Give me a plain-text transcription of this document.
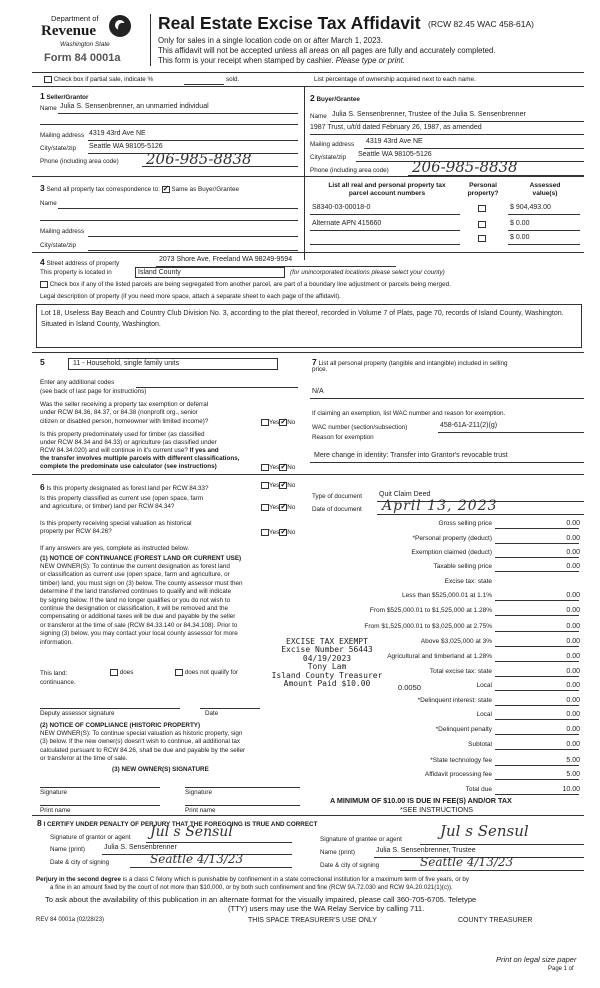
Department of
Revenue
Washington State
Form 84 0001a
Real Estate Excise Tax Affidavit (RCW 82.45 WAC 458-61A)
Only for sales in a single location code on or after March 1, 2023.
This affidavit will not be accepted unless all areas on all pages are fully and accurately completed.
This form is your receipt when stamped by cashier. Please type or print.
Check box if partial sale, indicate %	sold.	List percentage of ownership acquired next to each name.
1 Seller/Grantor
Name Julia S. Sensenbrenner, an unmarried individual
Mailing address 4319 43rd Ave NE
City/state/zip Seattle WA 98105-5126
Phone (including area code) 206-985-8838
2 Buyer/Grantee
Name Julia S. Sensenbrenner, Trustee of the Julia S. Sensenbrenner
1987 Trust, u/t/d dated February 26, 1987, as amended
Mailing address 4319 43rd Ave NE
City/state/zip Seattle WA 98105-5126
Phone (including area code) 206-985-8838
3 Send all property tax correspondence to: ✓ Same as Buyer/Grantee
Name
Mailing address
City/state/zip
List all real and personal property tax
parcel account numbers
Personal
property?
Assessed
value(s)
S8340-03-00018-0	$ 904,493.00
Alternate APN 415660	$ 0.00
$ 0.00
4 Street address of property
2073 Shore Ave, Freeland WA 98249-9594
This property is located in	Island County	(for unincorporated locations please select your county)
Check box if any of the listed parcels are being segregated from another parcel, are part of a boundary line adjustment or parcels being merged.
Legal description of property (if you need more space, attach a separate sheet to each page of the affidavit).
Lot 18, Useless Bay Beach and Country Club Division No. 3, according to the plat thereof, recorded in Volume 7 of Plats, page 70, records of Island County, Washington. Situated in Island County, Washington.
5	11 - Household, single family units
Enter any additional codes
(see back of last page for instructions)
Was the seller receiving a property tax exemption or deferral
under RCW 84.36, 84.37, or 84.38 (nonprofit org., senior
citizen or disabled person, homeowner with limited income)?	Yes ✓ No
Is this property predominately used for timber (as classified
under RCW 84.34 and 84.33) or agriculture (as classified under
RCW 84.34.020) and will continue in it's current use? If yes and
the transfer involves multiple parcels with different classifications,
complete the predominate use calculator (see instructions)	Yes ✓ No
6 Is this property designated as forest land per RCW 84.33?	Yes ✓ No
Is this property classified as current use (open space, farm
and agriculture, or timber) land per RCW 84.34?	Yes ✓ No
Is this property receiving special valuation as historical
property per RCW 84.26?	Yes ✓ No
If any answers are yes, complete as instructed below.
(1) NOTICE OF CONTINUANCE (FOREST LAND OR CURRENT USE)
NEW OWNER(S): To continue the current designation as forest land
or classification as current use (open space, farm and agriculture, or
timber) land, you must sign on (3) below. The county assessor must then
determine if the land transferred continues to qualify and will indicate
by signing below. If the land no longer qualifies or you do not wish to
continue the designation or classification, it will be removed and the
compensating or additional taxes will be due and payable by the seller
or transferor at the time of sale (RCW 84.33.140 or 84.34.108). Prior to
signing (3) below, you may contact your local county assessor for more
information.
This land:
continuance.
does	does not qualify for
Deputy assessor signature	Date
(2) NOTICE OF COMPLIANCE (HISTORIC PROPERTY)
NEW OWNER(S): To continue special valuation as historic property, sign
(3) below. If the new owner(s) doesn't wish to continue, all additional tax
calculated pursuant to RCW 84.26, shall be due and payable by the seller
or transferor at the time of sale.
(3) NEW OWNER(S) SIGNATURE
Signature	Signature
Print name	Print name
7 List all personal property (tangible and intangible) included in selling
price.
N/A
If claiming an exemption, list WAC number and reason for exemption.
WAC number (section/subsection)	458-61A-211(2)(g)
Reason for exemption
Mere change in identity: Transfer into Grantor's revocable trust
Type of document Quit Claim Deed
Date of document April 13, 2023
Gross selling price	0.00
*Personal property (deduct)	0.00
Exemption claimed (deduct)	0.00
Taxable selling price	0.00
Excise tax: state
Less than $525,000.01 at 1.1%	0.00
From $525,000.01 to $1,525,000 at 1.28%	0.00
From $1,525,000.01 to $3,025,000 at 2.75%	0.00
Above $3,025,000 at 3%	0.00
Agricultural and timberland at 1.28%	0.00
Total excise tax: state	0.00
Local	0.00
*Delinquent interest: state	0.00
Local	0.00
*Delinquent penalty	0.00
Subtotal	0.00
*State technology fee	5.00
Affidavit processing fee	5.00
Total due	10.00
0.0050
A MINIMUM OF $10.00 IS DUE IN FEE(S) AND/OR TAX
*SEE INSTRUCTIONS
EXCISE TAX EXEMPT
Excise Number 56443
04/19/2023
Tony Lam
Island County Treasurer
Amount Paid $10.00
8 I CERTIFY UNDER PENALTY OF PERJURY THAT THE FOREGOING IS TRUE AND CORRECT
Signature of grantor or agent Jul s Sensul
Name (print)	Julia S. Sensenbrenner
Date & city of signing	Seattle 4/13/23
Signature of grantee or agent	Jul s Sensul
Name (print)	Julia S. Sensenbrenner, Trustee
Date & city of signing	Seattle 4/13/23
Perjury in the second degree is a class C felony which is punishable by confinement in a state correctional institution for a maximum term of five years, or by
a fine in an amount fixed by the court of not more than $10,000, or by both such confinement and fine (RCW 9A.72.030 and RCW 9A.20.021(1)(c)).
To ask about the availability of this publication in an alternate format for the visually impaired, please call 360-705-6705. Teletype
(TTY) users may use the WA Relay Service by calling 711.
REV 84 0001a (02/28/23)	THIS SPACE TREASURER'S USE ONLY	COUNTY TREASURER
Print on legal size paper
Page 1 of
